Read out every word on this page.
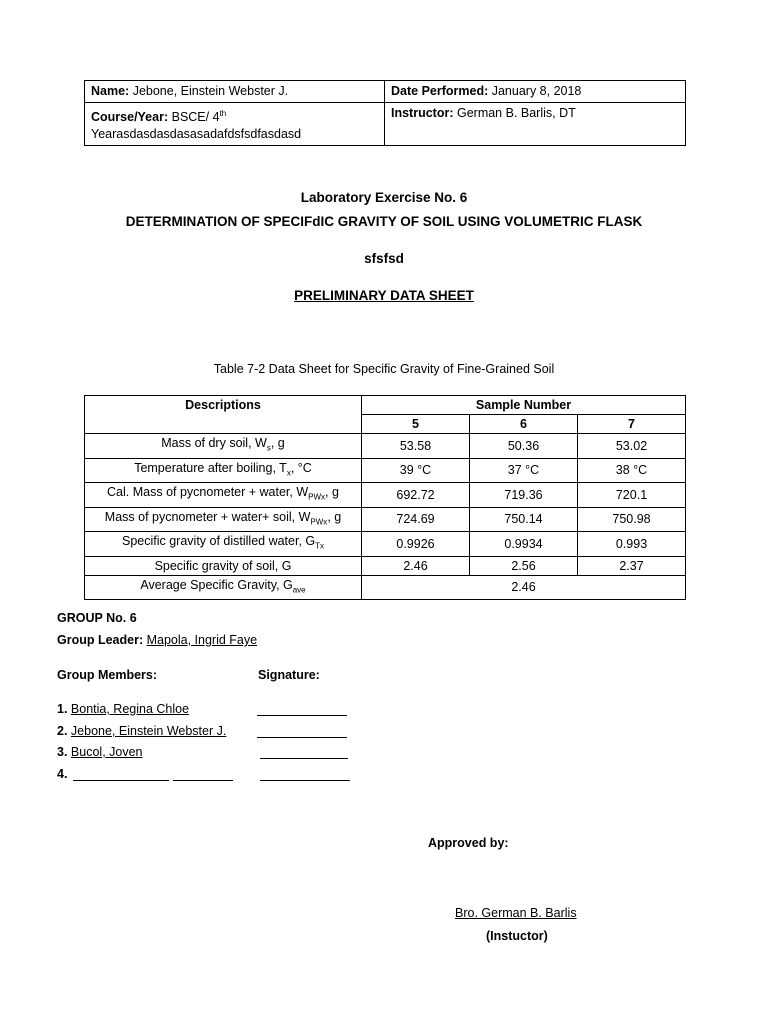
Name: Jebone, Einstein Webster J.	Date Performed: January 8, 2018
Course/Year: BSCE/ 4th
Yearasdasdasdasasadafdsfsdfasdasd	Instructor: German B. Barlis, DT
Laboratory Exercise No. 6
DETERMINATION OF SPECIFdIC GRAVITY OF SOIL USING VOLUMETRIC FLASK
sfsfsd
PRELIMINARY DATA SHEET
Table 7-2 Data Sheet for Specific Gravity of Fine-Grained Soil
Descriptions	Sample Number		
	5	6	7
Mass of dry soil, $W_s$, g	53.58	50.36	53.02
Temperature after boiling, $T_x$, °C	39 °C	37 °C	38 °C
Cal. Mass of pycnometer + water, $W_{PWx}$, g	692.72	719.36	720.1
Mass of pycnometer + water+ soil, $W_{PWx}$, g	724.69	750.14	750.98
Specific gravity of distilled water, $G_{Tx}$	0.9926	0.9934	0.993
Specific gravity of soil, G	2.46	2.56	2.37
Average Specific Gravity, $G_{ave}$	2.46		
GROUP No. 6
Group Leader: Mapola, Ingrid Faye
Group Members:	Signature:
1. Bontia, Regina Chloe
2. Jebone, Einstein Webster J.
3. Bucol, Joven
4.
Approved by:
Bro. German B. Barlis
(Instuctor)
